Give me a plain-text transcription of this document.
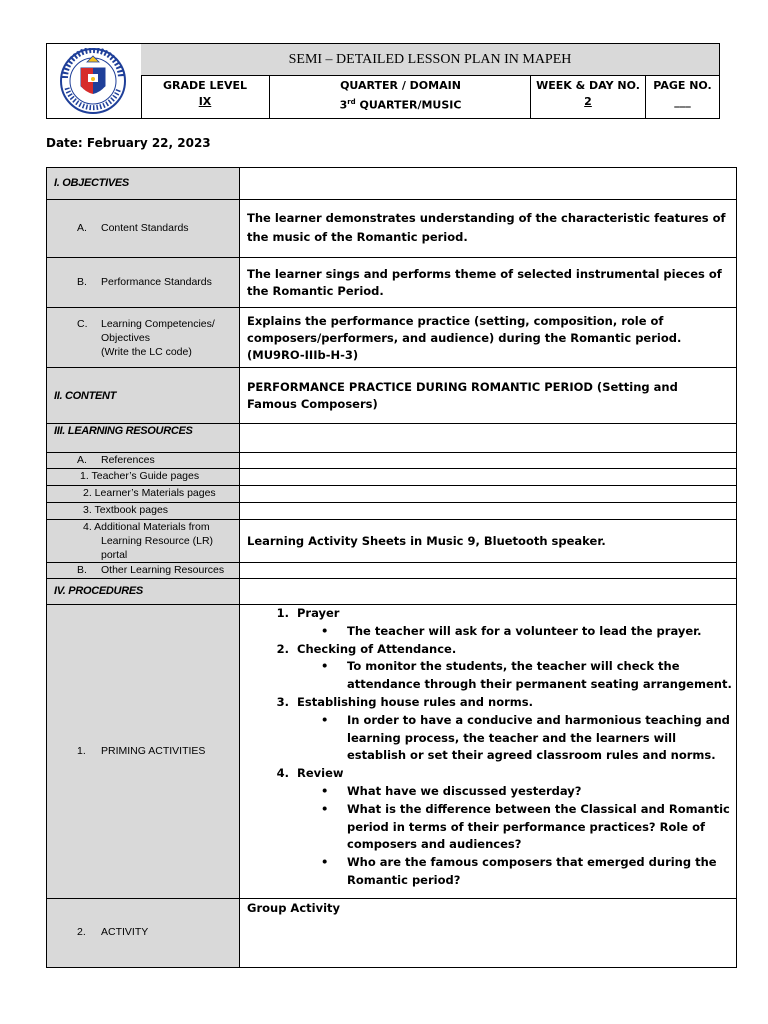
SEMI – DETAILED LESSON PLAN IN MAPEH
GRADE LEVEL
IX
QUARTER / DOMAIN
3rd QUARTER/MUSIC
WEEK & DAY NO.
2
PAGE NO.
___
Date: February 22, 2023
I. OBJECTIVES
A. Content Standards
The learner demonstrates understanding of the characteristic features of the music of the Romantic period.
B. Performance Standards
The learner sings and performs theme of selected instrumental pieces of the Romantic Period.
C. Learning Competencies/
Objectives
(Write the LC code)
Explains the performance practice (setting, composition, role of composers/performers, and audience) during the Romantic period. (MU9RO-IIIb-H-3)
II. CONTENT
PERFORMANCE PRACTICE DURING ROMANTIC PERIOD (Setting and Famous Composers)
III. LEARNING RESOURCES
A. References
1. Teacher’s Guide pages
2. Learner’s Materials pages
3. Textbook pages
4. Additional Materials from
Learning Resource (LR)
portal
Learning Activity Sheets in Music 9, Bluetooth speaker.
B. Other Learning Resources
IV. PROCEDURES
1. PRIMING ACTIVITIES
1. Prayer
• The teacher will ask for a volunteer to lead the prayer.
2. Checking of Attendance.
• To monitor the students, the teacher will check the attendance through their permanent seating arrangement.
3. Establishing house rules and norms.
• In order to have a conducive and harmonious teaching and learning process, the teacher and the learners will establish or set their agreed classroom rules and norms.
4. Review
• What have we discussed yesterday?
• What is the difference between the Classical and Romantic period in terms of their performance practices? Role of composers and audiences?
• Who are the famous composers that emerged during the Romantic period?
2. ACTIVITY
Group Activity
